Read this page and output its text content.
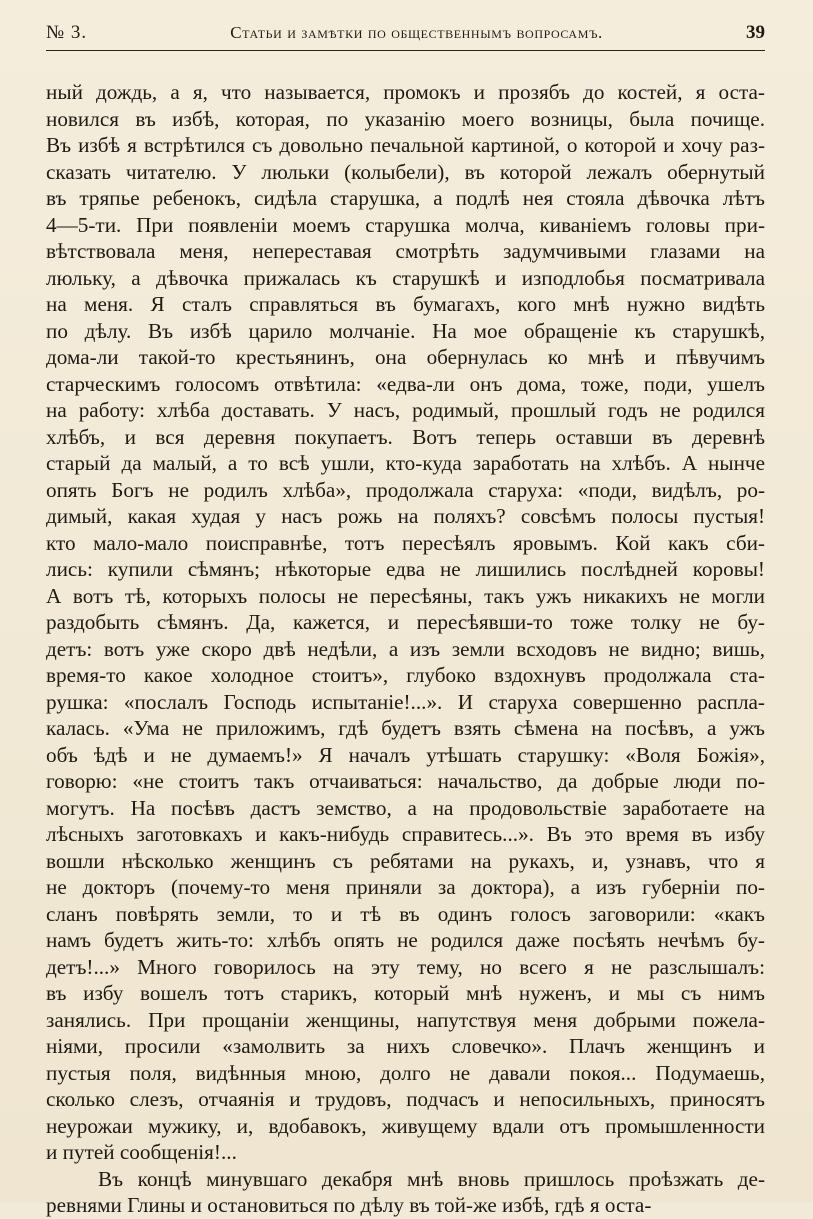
№ 3.	Статьи и замѣтки по общественнымъ вопросамъ.	39
ный дождь, а я, что называется, промокъ и прозябъ до костей, я оста-
новился въ избѣ, которая, по указанію моего возницы, была почище.
Въ избѣ я встрѣтился съ довольно печальной картиной, о которой и хочу раз-
сказать читателю. У люльки (колыбели), въ которой лежалъ обернутый
въ тряпье ребенокъ, сидѣла старушка, а подлѣ нея стояла дѣвочка лѣтъ
4—5-ти. При появленіи моемъ старушка молча, киваніемъ головы при-
вѣтствовала меня, непереставая смотрѣть задумчивыми глазами на
люльку, а дѣвочка прижалась къ старушкѣ и изподлобья посматривала
на меня. Я сталъ справляться въ бумагахъ, кого мнѣ нужно видѣть
по дѣлу. Въ избѣ царило молчаніе. На мое обращеніе къ старушкѣ,
дома-ли такой-то крестьянинъ, она обернулась ко мнѣ и пѣвучимъ
старческимъ голосомъ отвѣтила: «едва-ли онъ дома, тоже, поди, ушелъ
на работу: хлѣба доставать. У насъ, родимый, прошлый годъ не родился
хлѣбъ, и вся деревня покупаетъ. Вотъ теперь оставши въ деревнѣ
старый да малый, а то всѣ ушли, кто-куда заработать на хлѣбъ. А нынче
опять Богъ не родилъ хлѣба», продолжала старуха: «поди, видѣлъ, ро-
димый, какая худая у насъ рожь на поляхъ? совсѣмъ полосы пустыя!
кто мало-мало поисправнѣе, тотъ пересѣялъ яровымъ. Кой какъ сби-
лись: купили сѣмянъ; нѣкоторые едва не лишились послѣдней коровы!
А вотъ тѣ, которыхъ полосы не пересѣяны, такъ ужъ никакихъ не могли
раздобыть сѣмянъ. Да, кажется, и пересѣявши-то тоже толку не бу-
детъ: вотъ уже скоро двѣ недѣли, а изъ земли всходовъ не видно; вишь,
время-то какое холодное стоитъ», глубоко вздохнувъ продолжала ста-
рушка: «послалъ Господь испытаніе!...». И старуха совершенно распла-
калась. «Ума не приложимъ, гдѣ будетъ взять сѣмена на посѣвъ, а ужъ
объ ѣдѣ и не думаемъ!» Я началъ утѣшать старушку: «Воля Божія»,
говорю: «не стоитъ такъ отчаиваться: начальство, да добрые люди по-
могутъ. На посѣвъ дастъ земство, а на продовольствіе заработаете на
лѣсныхъ заготовкахъ и какъ-нибудь справитесь...». Въ это время въ избу
вошли нѣсколько женщинъ съ ребятами на рукахъ, и, узнавъ, что я
не докторъ (почему-то меня приняли за доктора), а изъ губерніи по-
сланъ повѣрять земли, то и тѣ въ одинъ голосъ заговорили: «какъ
намъ будетъ жить-то: хлѣбъ опять не родился даже посѣять нечѣмъ бу-
детъ!...» Много говорилось на эту тему, но всего я не разслышалъ:
въ избу вошелъ тотъ старикъ, который мнѣ нуженъ, и мы съ нимъ
занялись. При прощаніи женщины, напутствуя меня добрыми пожела-
ніями, просили «замолвить за нихъ словечко». Плачъ женщинъ и
пустыя поля, видѣнныя мною, долго не давали покоя... Подумаешь,
сколько слезъ, отчаянія и трудовъ, подчасъ и непосильныхъ, приносятъ
неурожаи мужику, и, вдобавокъ, живущему вдали отъ промышленности
и путей сообщенія!...
Въ концѣ минувшаго декабря мнѣ вновь пришлось проѣзжать де-
ревнями Глины и остановиться по дѣлу въ той-же избѣ, гдѣ я оста-
